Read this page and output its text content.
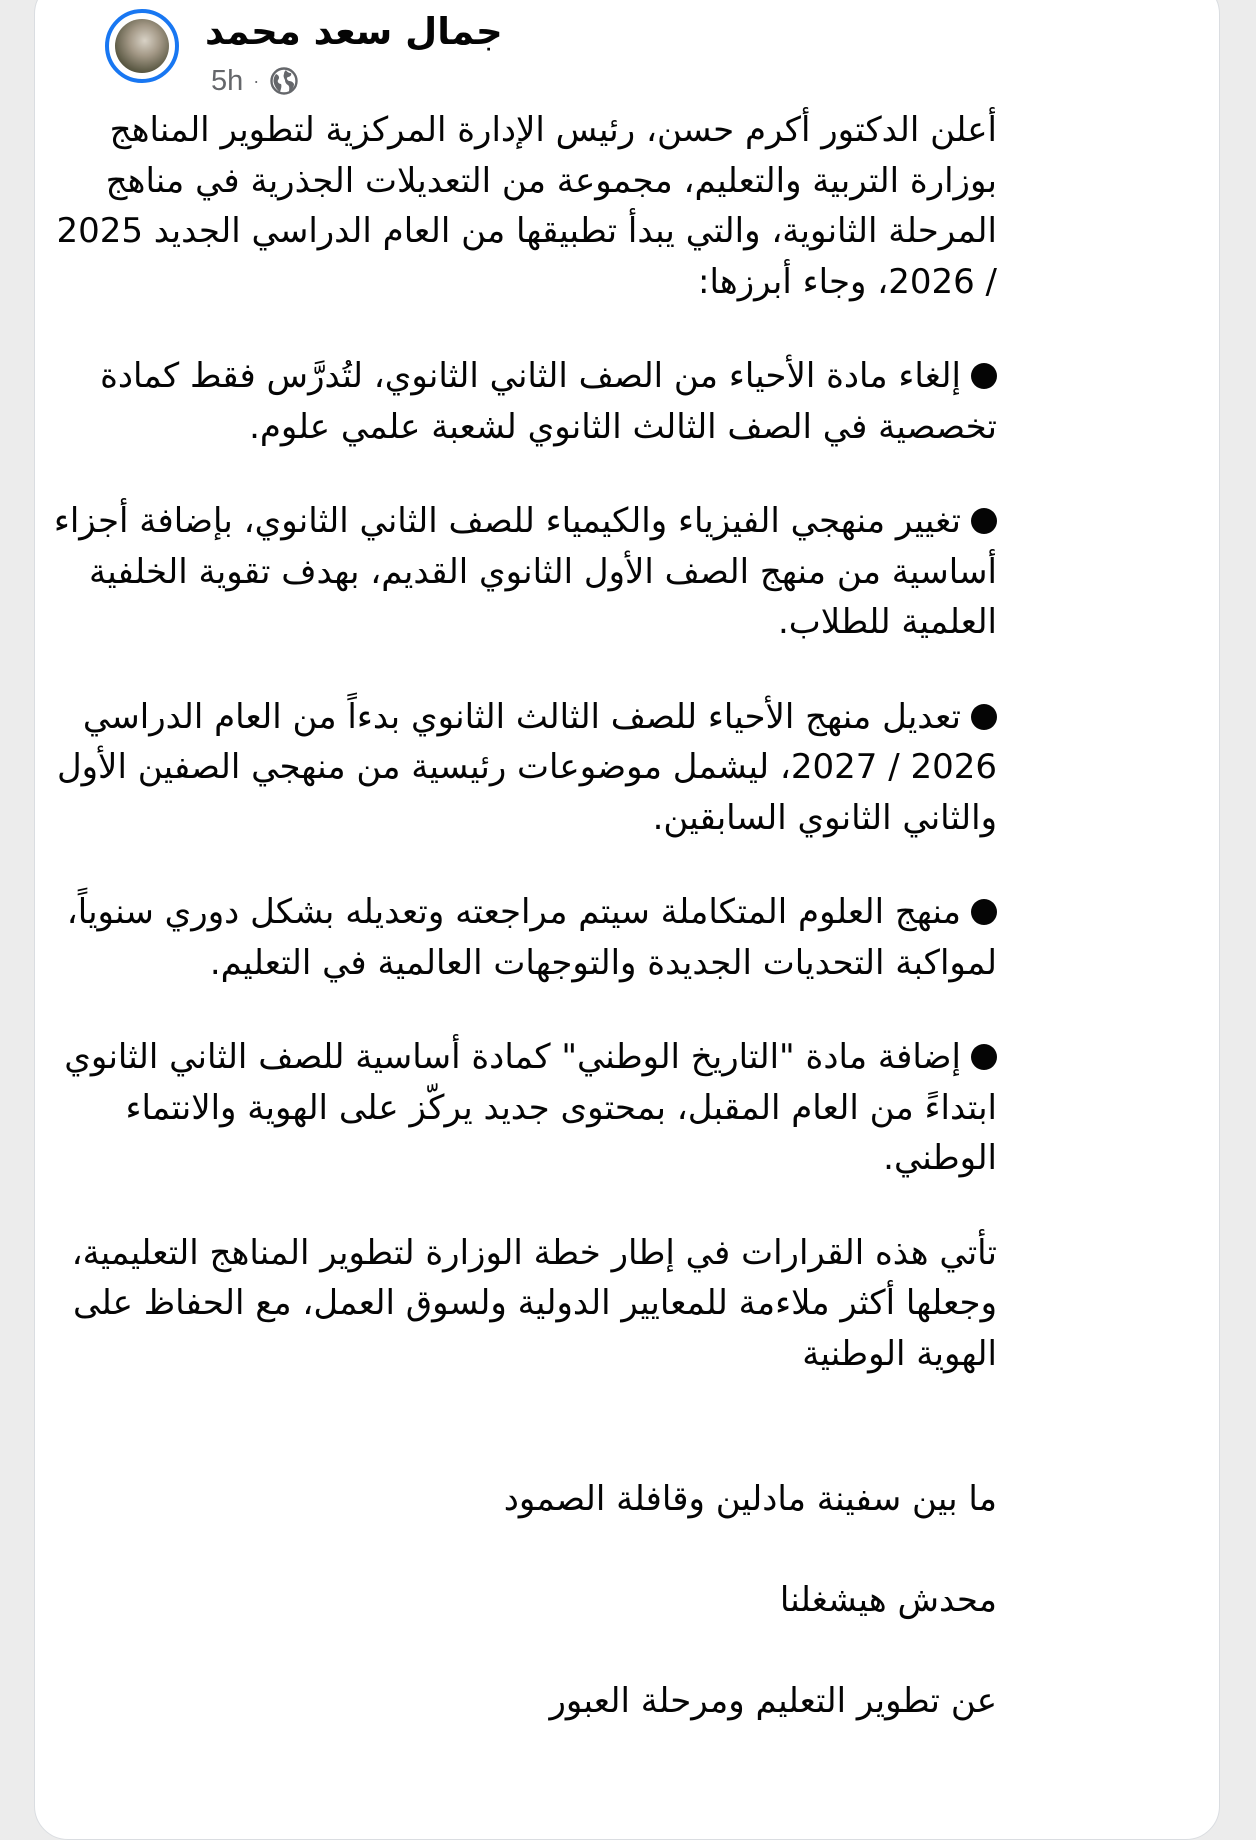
جمال سعد محمد
5h ·

أعلن الدكتور أكرم حسن، رئيس الإدارة المركزية لتطوير المناهج بوزارة التربية والتعليم، مجموعة من التعديلات الجذرية في مناهج المرحلة الثانوية، والتي يبدأ تطبيقها من العام الدراسي الجديد 2025 / 2026، وجاء أبرزها:

إلغاء مادة الأحياء من الصف الثاني الثانوي، لتُدرَّس فقط كمادة تخصصية في الصف الثالث الثانوي لشعبة علمي علوم.

تغيير منهجي الفيزياء والكيمياء للصف الثاني الثانوي، بإضافة أجزاء أساسية من منهج الصف الأول الثانوي القديم، بهدف تقوية الخلفية العلمية للطلاب.

تعديل منهج الأحياء للصف الثالث الثانوي بدءاً من العام الدراسي 2026 / 2027، ليشمل موضوعات رئيسية من منهجي الصفين الأول والثاني الثانوي السابقين.

منهج العلوم المتكاملة سيتم مراجعته وتعديله بشكل دوري سنوياً، لمواكبة التحديات الجديدة والتوجهات العالمية في التعليم.

إضافة مادة "التاريخ الوطني" كمادة أساسية للصف الثاني الثانوي ابتداءً من العام المقبل، بمحتوى جديد يركّز على الهوية والانتماء الوطني.

تأتي هذه القرارات في إطار خطة الوزارة لتطوير المناهج التعليمية، وجعلها أكثر ملاءمة للمعايير الدولية ولسوق العمل، مع الحفاظ على الهوية الوطنية

ما بين سفينة مادلين وقافلة الصمود

محدش هيشغلنا

عن تطوير التعليم ومرحلة العبور
